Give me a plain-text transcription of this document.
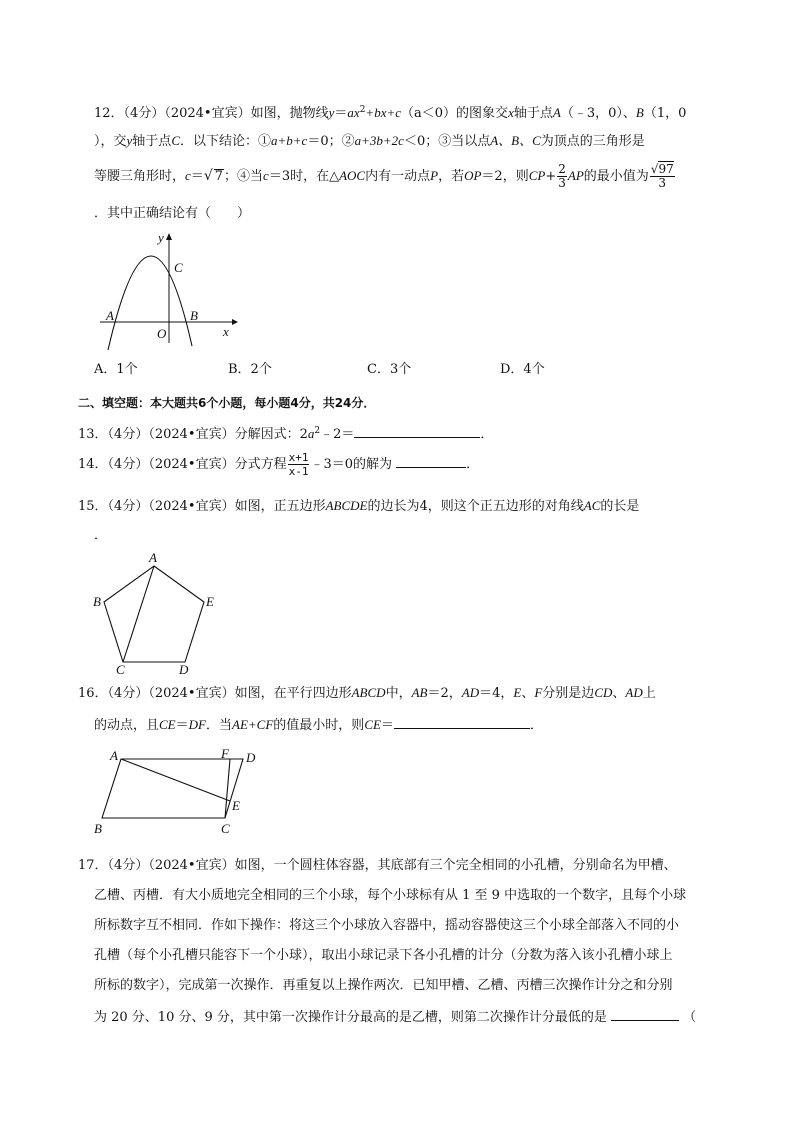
12．（4分）（2024•宜宾）如图，抛物线$y=ax^2+bx+c(a<0)$的图象交x轴于点A（﹣3，0）、B（1，0
），交y轴于点C．以下结论：①a+b+c＝0；②a+3b+2c＜0；③当以点A、B、C为顶点的三角形是
等腰三角形时，c＝√ 7；④当c＝3时，在△AOC内有一动点P，若OP＝2，则$CP+ \frac{2}{3}$ AP的最小值为 $\frac{√97}{3}$
．其中正确结论有（　　）
y
C
A
O
B
x
A．1个	B．2个	C．3个	D．4个
二、填空题：本大题共6个小题，每小题4分，共24分．
13．（4分）（2024•宜宾）分解因式：$2a^2﹣2=$	．
14．（4分）（2024•宜宾）分式方程 $\frac{x+1}{x-1}$ ﹣3＝0的解为	．
15．（4分）（2024•宜宾）如图，正五边形ABCDE的边长为4，则这个正五边形的对角线AC的长是
．
A
B	E
C	D
16．（4分）（2024•宜宾）如图，在平行四边形ABCD中，AB＝2，AD＝4，E、F分别是边CD、AD上
的动点，且CE＝DF．当AE+CF的值最小时，则CE＝	．
A	F D
E
B	C
17．（4分）（2024•宜宾）如图，一个圆柱体容器，其底部有三个完全相同的小孔槽，分别命名为甲槽、
乙槽、丙槽．有大小质地完全相同的三个小球，每个小球标有从 1 至 9 中选取的一个数字，且每个小球
所标数字互不相同．作如下操作：将这三个小球放入容器中，摇动容器使这三个小球全部落入不同的小
孔槽（每个小孔槽只能容下一个小球），取出小球记录下各小孔槽的计分（分数为落入该小孔槽小球上
所标的数字），完成第一次操作．再重复以上操作两次．已知甲槽、乙槽、丙槽三次操作计分之和分别
为 20 分、10 分、9 分，其中第一次操作计分最高的是乙槽，则第二次操作计分最低的是	（
